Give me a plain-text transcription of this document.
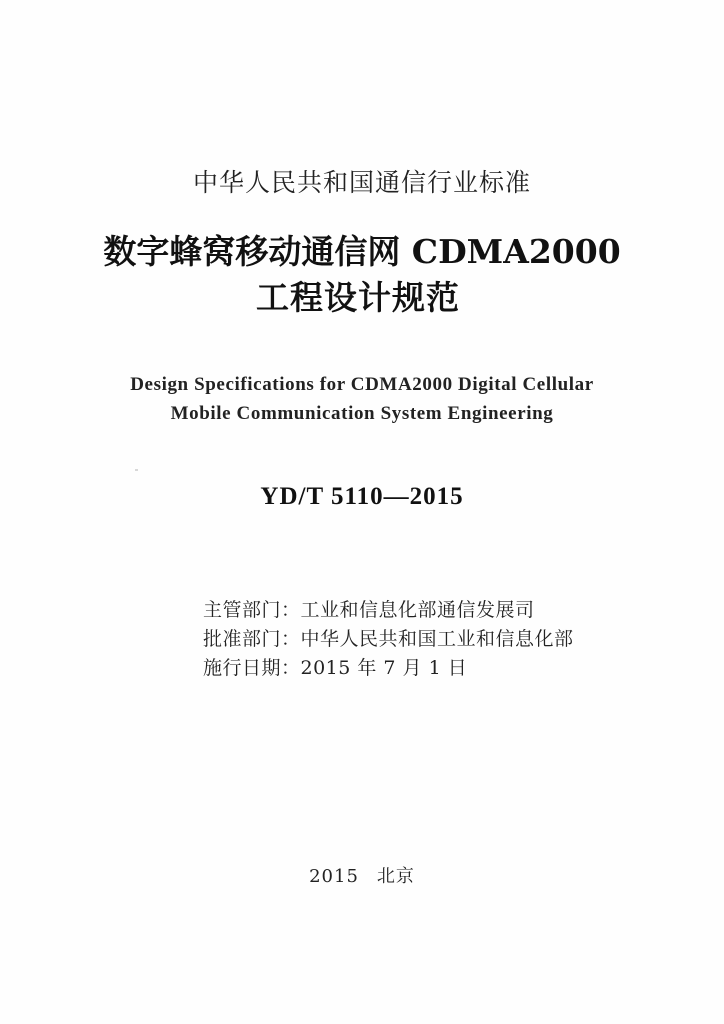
中华人民共和国通信行业标准
数字蜂窝移动通信网 CDMA2000
工程设计规范
Design Specifications for CDMA2000 Digital Cellular
Mobile Communication System Engineering
YD/T 5110—2015
主管部门：工业和信息化部通信发展司
批准部门：中华人民共和国工业和信息化部
施行日期：2015 年 7 月 1 日
2015 北京
